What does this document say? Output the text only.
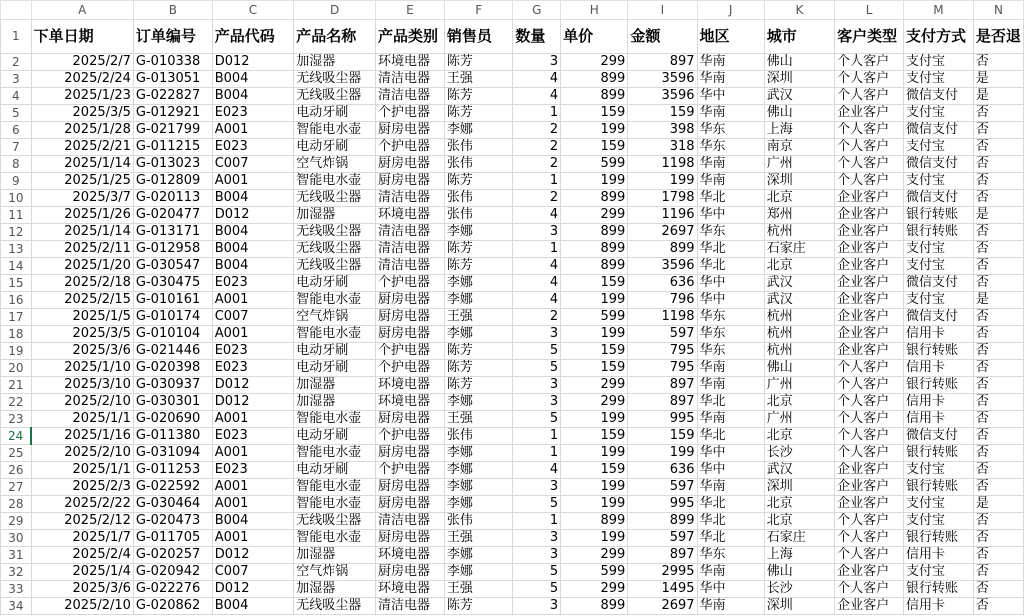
	A	B	C	D	E	F	G	H	I	J	K	L	M	N
1	下单日期	订单编号	产品代码	产品名称	产品类别	销售员	数量	单价	金额	地区	城市	客户类型	支付方式	是否退
2	2025/2/7	G-010338	D012	加湿器	环境电器	陈芳	3	299	897	华南	佛山	个人客户	支付宝	否
3	2025/2/24	G-013051	B004	无线吸尘器	清洁电器	王强	4	899	3596	华南	深圳	个人客户	支付宝	是
4	2025/1/23	G-022827	B004	无线吸尘器	清洁电器	陈芳	4	899	3596	华中	武汉	个人客户	微信支付	是
5	2025/3/5	G-012921	E023	电动牙刷	个护电器	陈芳	1	159	159	华南	佛山	企业客户	支付宝	否
6	2025/1/28	G-021799	A001	智能电水壶	厨房电器	李娜	2	199	398	华东	上海	个人客户	微信支付	否
7	2025/2/21	G-011215	E023	电动牙刷	个护电器	张伟	2	159	318	华东	南京	个人客户	支付宝	否
8	2025/1/14	G-013023	C007	空气炸锅	厨房电器	张伟	2	599	1198	华南	广州	个人客户	微信支付	否
9	2025/1/25	G-012809	A001	智能电水壶	厨房电器	陈芳	1	199	199	华南	深圳	个人客户	支付宝	否
10	2025/3/7	G-020113	B004	无线吸尘器	清洁电器	张伟	2	899	1798	华北	北京	企业客户	微信支付	否
11	2025/1/26	G-020477	D012	加湿器	环境电器	张伟	4	299	1196	华中	郑州	企业客户	银行转账	是
12	2025/1/14	G-013171	B004	无线吸尘器	清洁电器	李娜	3	899	2697	华东	杭州	企业客户	银行转账	否
13	2025/2/11	G-012958	B004	无线吸尘器	清洁电器	陈芳	1	899	899	华北	石家庄	企业客户	支付宝	否
14	2025/1/20	G-030547	B004	无线吸尘器	清洁电器	陈芳	4	899	3596	华北	北京	企业客户	支付宝	否
15	2025/2/18	G-030475	E023	电动牙刷	个护电器	李娜	4	159	636	华中	武汉	企业客户	微信支付	否
16	2025/2/15	G-010161	A001	智能电水壶	厨房电器	李娜	4	199	796	华中	武汉	企业客户	支付宝	是
17	2025/1/5	G-010174	C007	空气炸锅	厨房电器	王强	2	599	1198	华东	杭州	企业客户	微信支付	否
18	2025/3/5	G-010104	A001	智能电水壶	厨房电器	李娜	3	199	597	华东	杭州	企业客户	信用卡	否
19	2025/3/6	G-021446	E023	电动牙刷	个护电器	陈芳	5	159	795	华东	杭州	企业客户	银行转账	否
20	2025/1/10	G-020398	E023	电动牙刷	个护电器	陈芳	5	159	795	华南	佛山	个人客户	信用卡	否
21	2025/3/10	G-030937	D012	加湿器	环境电器	陈芳	3	299	897	华南	广州	个人客户	银行转账	否
22	2025/2/10	G-030301	D012	加湿器	环境电器	李娜	3	299	897	华北	北京	个人客户	信用卡	否
23	2025/1/1	G-020690	A001	智能电水壶	厨房电器	王强	5	199	995	华南	广州	个人客户	信用卡	否
24	2025/1/16	G-011380	E023	电动牙刷	个护电器	张伟	1	159	159	华北	北京	个人客户	微信支付	否
25	2025/2/10	G-031094	A001	智能电水壶	厨房电器	李娜	1	199	199	华中	长沙	个人客户	银行转账	否
26	2025/1/1	G-011253	E023	电动牙刷	个护电器	李娜	4	159	636	华中	武汉	企业客户	支付宝	否
27	2025/2/3	G-022592	A001	智能电水壶	厨房电器	李娜	3	199	597	华南	深圳	企业客户	银行转账	否
28	2025/2/22	G-030464	A001	智能电水壶	厨房电器	李娜	5	199	995	华北	北京	企业客户	支付宝	是
29	2025/2/12	G-020473	B004	无线吸尘器	清洁电器	张伟	1	899	899	华北	北京	个人客户	支付宝	否
30	2025/1/7	G-011705	A001	智能电水壶	厨房电器	王强	3	199	597	华北	石家庄	个人客户	银行转账	否
31	2025/2/4	G-020257	D012	加湿器	环境电器	李娜	3	299	897	华东	上海	个人客户	信用卡	否
32	2025/1/4	G-020942	C007	空气炸锅	厨房电器	李娜	5	599	2995	华南	佛山	企业客户	支付宝	否
33	2025/3/6	G-022276	D012	加湿器	环境电器	王强	5	299	1495	华中	长沙	个人客户	银行转账	否
34	2025/2/10	G-020862	B004	无线吸尘器	清洁电器	陈芳	3	899	2697	华南	深圳	企业客户	信用卡	否
